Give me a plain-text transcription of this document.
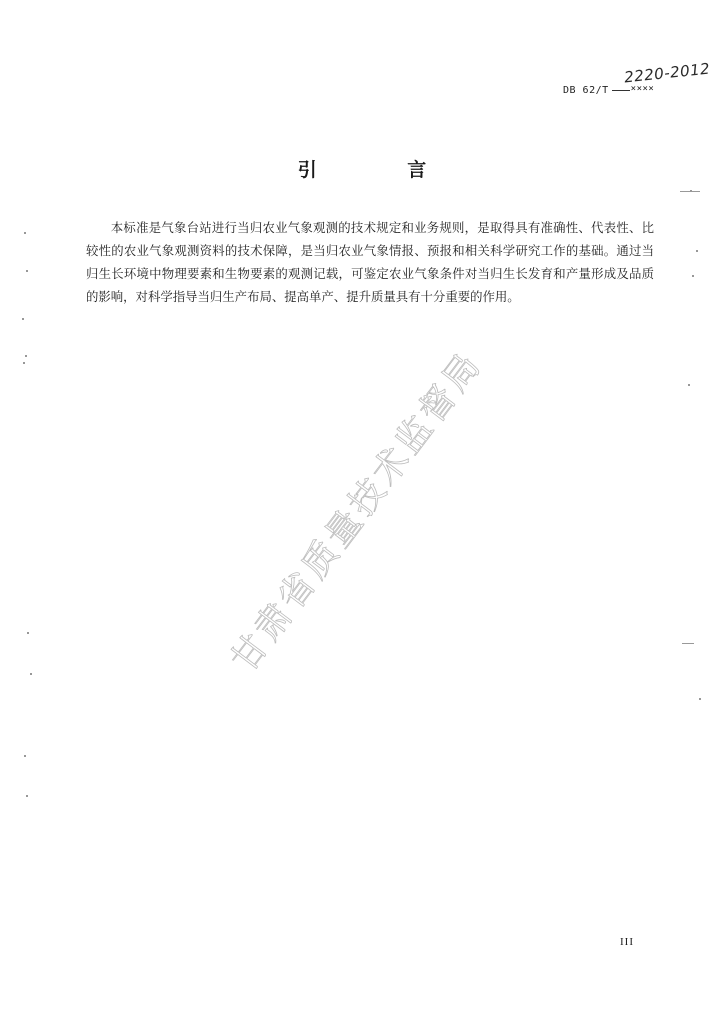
DB 62/T ××××
2220-2012
引 言
本标准是气象台站进行当归农业气象观测的技术规定和业务规则，是取得具有准确性、代表性、比较性的农业气象观测资料的技术保障，是当归农业气象情报、预报和相关科学研究工作的基础。通过当归生长环境中物理要素和生物要素的观测记载，可鉴定农业气象条件对当归生长发育和产量形成及品质的影响，对科学指导当归生产布局、提高单产、提升质量具有十分重要的作用。
甘肃省质量技术监督局
III
